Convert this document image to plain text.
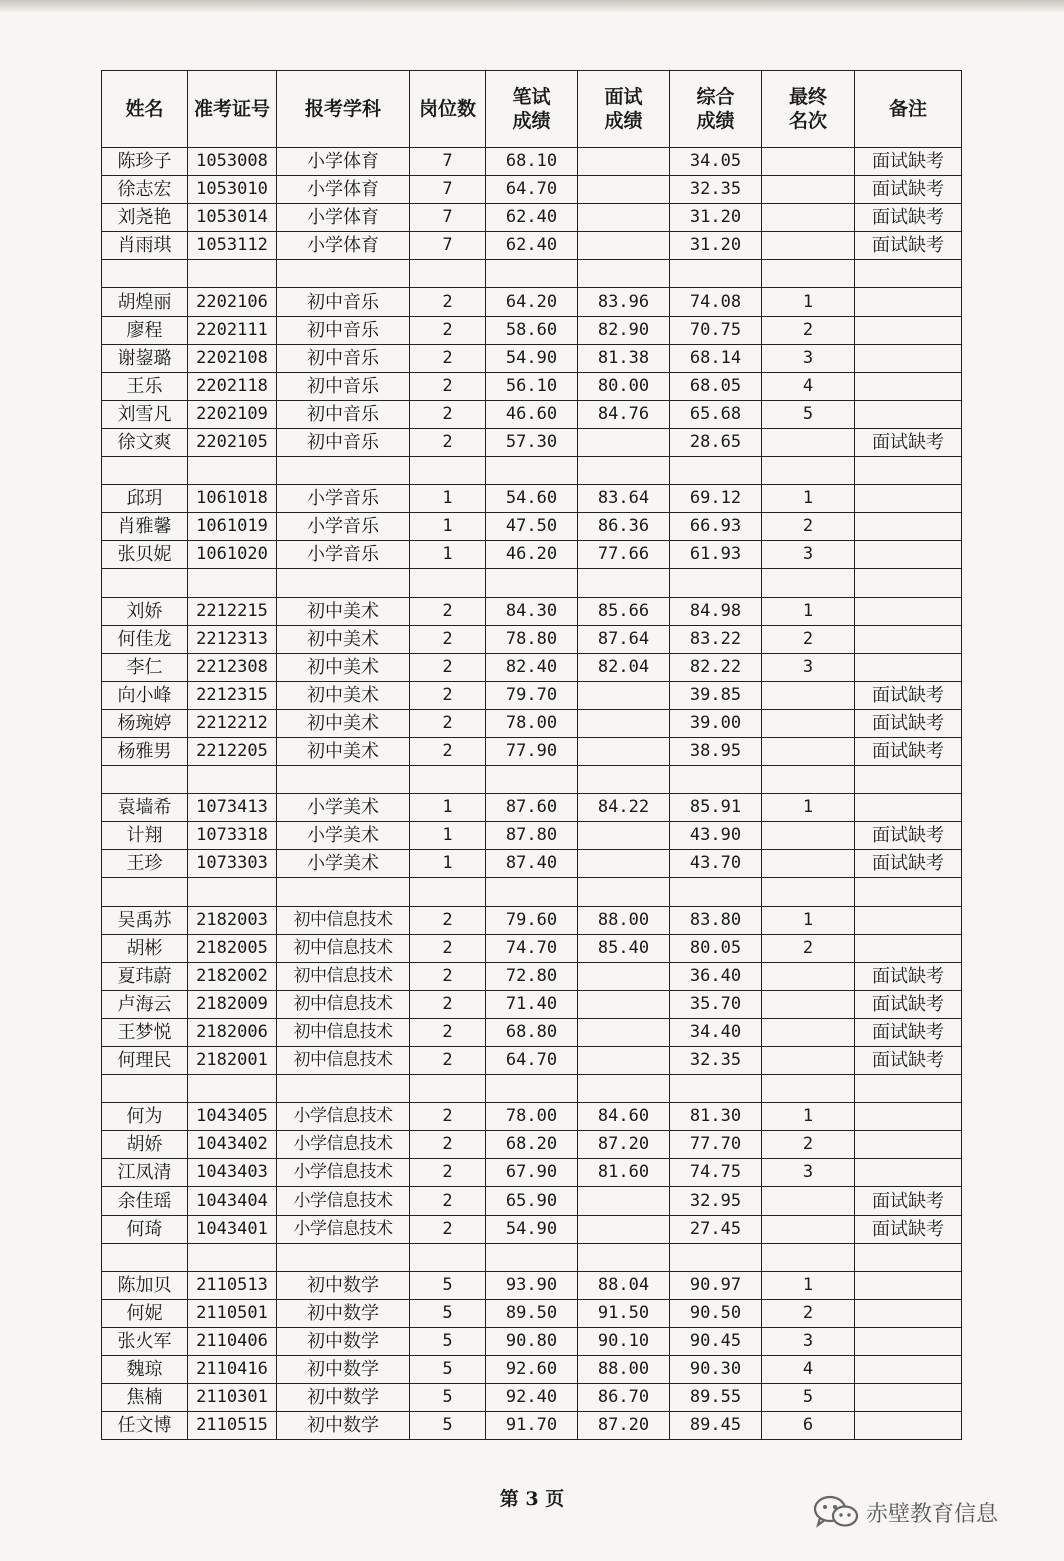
姓名	准考证号	报考学科	岗位数	笔试成绩	面试成绩	综合成绩	最终名次	备注
陈珍子	1053008	小学体育	7	68.10		34.05		面试缺考
徐志宏	1053010	小学体育	7	64.70		32.35		面试缺考
刘尧艳	1053014	小学体育	7	62.40		31.20		面试缺考
肖雨琪	1053112	小学体育	7	62.40		31.20		面试缺考

胡煌丽	2202106	初中音乐	2	64.20	83.96	74.08	1	
廖程	2202111	初中音乐	2	58.60	82.90	70.75	2	
谢鋆璐	2202108	初中音乐	2	54.90	81.38	68.14	3	
王乐	2202118	初中音乐	2	56.10	80.00	68.05	4	
刘雪凡	2202109	初中音乐	2	46.60	84.76	65.68	5	
徐文爽	2202105	初中音乐	2	57.30		28.65		面试缺考

邱玥	1061018	小学音乐	1	54.60	83.64	69.12	1	
肖雅馨	1061019	小学音乐	1	47.50	86.36	66.93	2	
张贝妮	1061020	小学音乐	1	46.20	77.66	61.93	3	

刘娇	2212215	初中美术	2	84.30	85.66	84.98	1	
何佳龙	2212313	初中美术	2	78.80	87.64	83.22	2	
李仁	2212308	初中美术	2	82.40	82.04	82.22	3	
向小峰	2212315	初中美术	2	79.70		39.85		面试缺考
杨琬婷	2212212	初中美术	2	78.00		39.00		面试缺考
杨雅男	2212205	初中美术	2	77.90		38.95		面试缺考

袁墙希	1073413	小学美术	1	87.60	84.22	85.91	1	
计翔	1073318	小学美术	1	87.80		43.90		面试缺考
王珍	1073303	小学美术	1	87.40		43.70		面试缺考

吴禹苏	2182003	初中信息技术	2	79.60	88.00	83.80	1	
胡彬	2182005	初中信息技术	2	74.70	85.40	80.05	2	
夏玮蔚	2182002	初中信息技术	2	72.80		36.40		面试缺考
卢海云	2182009	初中信息技术	2	71.40		35.70		面试缺考
王梦悦	2182006	初中信息技术	2	68.80		34.40		面试缺考
何理民	2182001	初中信息技术	2	64.70		32.35		面试缺考

何为	1043405	小学信息技术	2	78.00	84.60	81.30	1	
胡娇	1043402	小学信息技术	2	68.20	87.20	77.70	2	
江凤清	1043403	小学信息技术	2	67.90	81.60	74.75	3	
余佳瑶	1043404	小学信息技术	2	65.90		32.95		面试缺考
何琦	1043401	小学信息技术	2	54.90		27.45		面试缺考

陈加贝	2110513	初中数学	5	93.90	88.04	90.97	1	
何妮	2110501	初中数学	5	89.50	91.50	90.50	2	
张火军	2110406	初中数学	5	90.80	90.10	90.45	3	
魏琼	2110416	初中数学	5	92.60	88.00	90.30	4	
焦楠	2110301	初中数学	5	92.40	86.70	89.55	5	
任文博	2110515	初中数学	5	91.70	87.20	89.45	6	
第 3 页
赤壁教育信息
